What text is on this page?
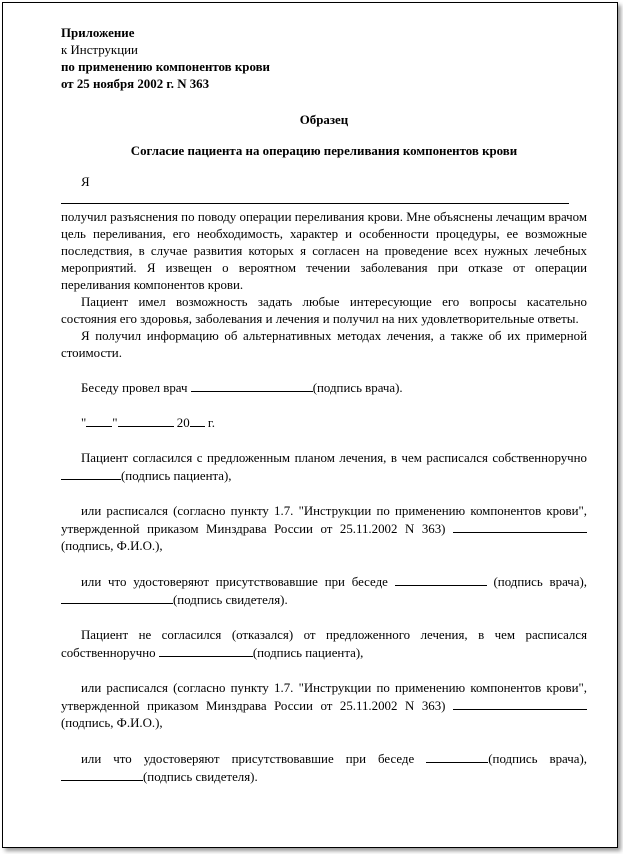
Приложение
к Инструкции
по применению компонентов крови
от 25 ноября 2002 г. N 363
Образец
Согласие пациента на операцию переливания компонентов крови
Я
получил разъяснения по поводу операции переливания крови. Мне объяснены лечащим врачом цель переливания, его необходимость, характер и особенности процедуры, ее возможные последствия, в случае развития которых я согласен на проведение всех нужных лечебных мероприятий. Я извещен о вероятном течении заболевания при отказе от операции переливания компонентов крови.
Пациент имел возможность задать любые интересующие его вопросы касательно состояния его здоровья, заболевания и лечения и получил на них удовлетворительные ответы.
Я получил информацию об альтернативных методах лечения, а также об их примерной стоимости.
Беседу провел врач	(подпись врача).
" "	20 г.
Пациент согласился с предложенным планом лечения, в чем расписался собственноручно (подпись пациента),
или расписался (согласно пункту 1.7. "Инструкции по применению компонентов крови", утвержденной приказом Минздрава России от 25.11.2002 N 363) (подпись, Ф.И.О.),
или что удостоверяют присутствовавшие при беседе	(подпись врача),(подпись свидетеля).
Пациент не согласился (отказался) от предложенного лечения, в чем расписался собственноручно	(подпись пациента),
или расписался (согласно пункту 1.7. "Инструкции по применению компонентов крови", утвержденной приказом Минздрава России от 25.11.2002 N 363) (подпись, Ф.И.О.),
или что удостоверяют присутствовавшие при беседе	(подпись врача), (подпись свидетеля).
